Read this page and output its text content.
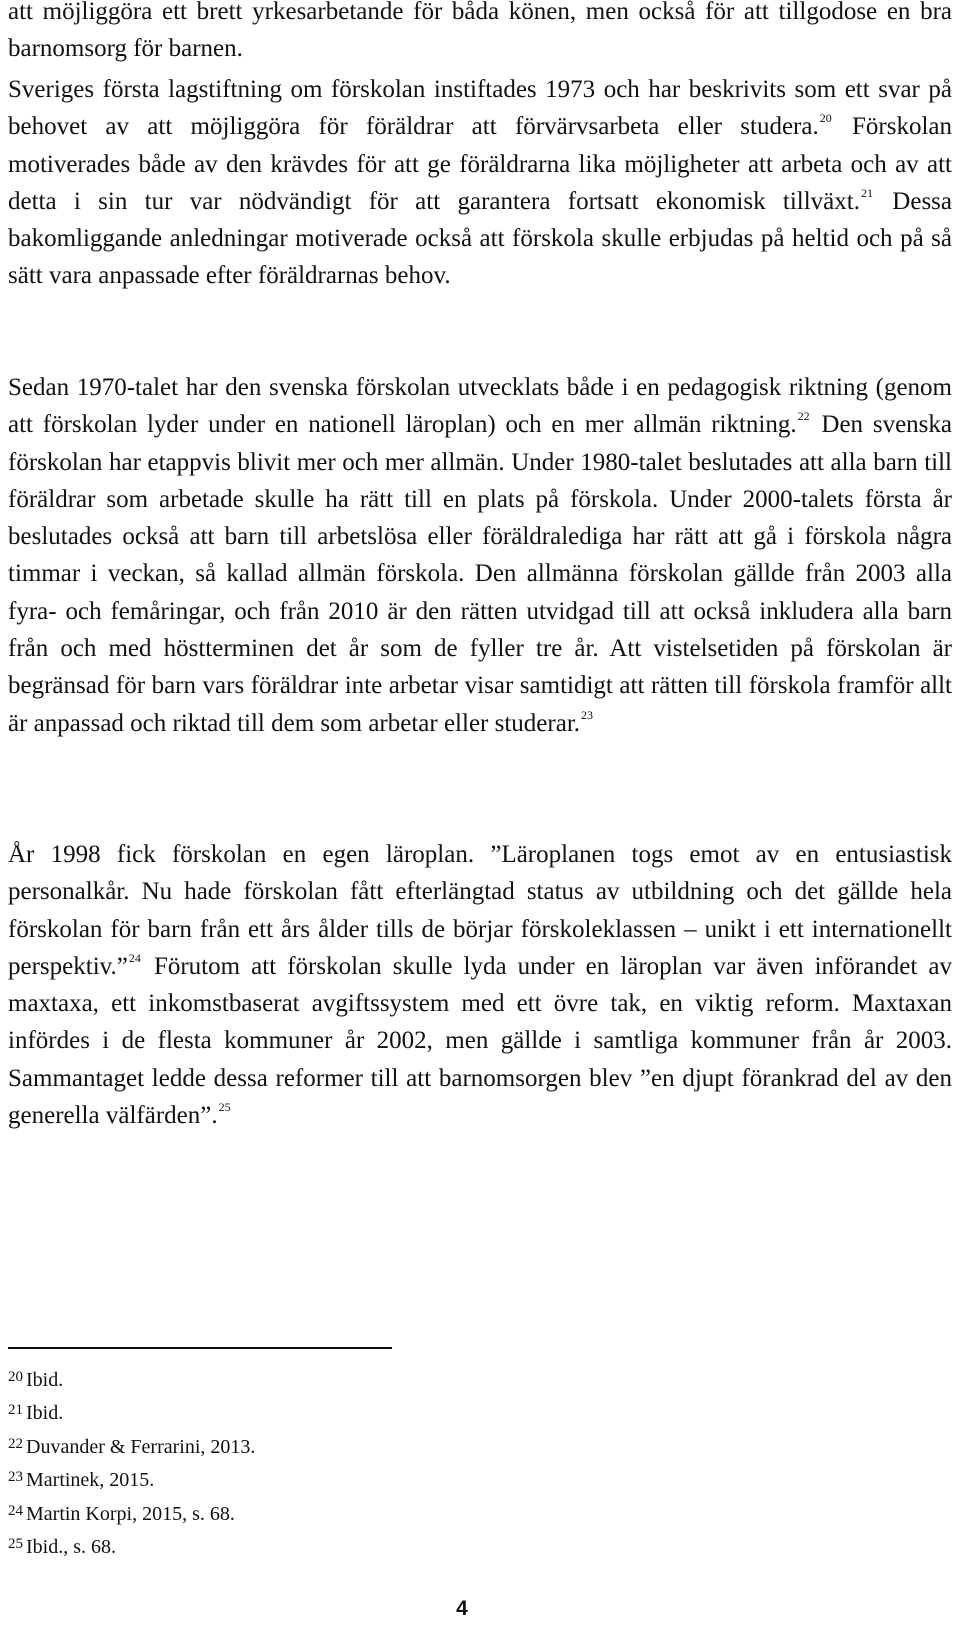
att möjliggöra ett brett yrkesarbetande för båda könen, men också för att tillgodose en bra barnomsorg för barnen.

Sveriges första lagstiftning om förskolan instiftades 1973 och har beskrivits som ett svar på behovet av att möjliggöra för föräldrar att förvärvsarbeta eller studera.$^{20}$ Förskolan motiverades både av den krävdes för att ge föräldrarna lika möjligheter att arbeta och av att detta i sin tur var nödvändigt för att garantera fortsatt ekonomisk tillväxt.$^{21}$ Dessa bakomliggande anledningar motiverade också att förskola skulle erbjudas på heltid och på så sätt vara anpassade efter föräldrarnas behov.

Sedan 1970-talet har den svenska förskolan utvecklats både i en pedagogisk riktning (genom att förskolan lyder under en nationell läroplan) och en mer allmän riktning.$^{22}$ Den svenska förskolan har etappvis blivit mer och mer allmän. Under 1980-talet beslutades att alla barn till föräldrar som arbetade skulle ha rätt till en plats på förskola. Under 2000-talets första år beslutades också att barn till arbetslösa eller föräldralediga har rätt att gå i förskola några timmar i veckan, så kallad allmän förskola. Den allmänna förskolan gällde från 2003 alla fyra- och femåringar, och från 2010 är den rätten utvidgad till att också inkludera alla barn från och med höstterminen det år som de fyller tre år. Att vistelsetiden på förskolan är begränsad för barn vars föräldrar inte arbetar visar samtidigt att rätten till förskola framför allt är anpassad och riktad till dem som arbetar eller studerar.$^{23}$

År 1998 fick förskolan en egen läroplan. ”Läroplanen togs emot av en entusiastisk personalkår. Nu hade förskolan fått efterlängtad status av utbildning och det gällde hela förskolan för barn från ett års ålder tills de börjar förskoleklassen – unikt i ett internationellt perspektiv.”$^{24}$ Förutom att förskolan skulle lyda under en läroplan var även införandet av maxtaxa, ett inkomstbaserat avgiftssystem med ett övre tak, en viktig reform. Maxtaxan infördes i de flesta kommuner år 2002, men gällde i samtliga kommuner från år 2003. Sammantaget ledde dessa reformer till att barnomsorgen blev ”en djupt förankrad del av den generella välfärden”.$^{25}$

$^{20}$ Ibid.
$^{21}$ Ibid.
$^{22}$ Duvander & Ferrarini, 2013.
$^{23}$ Martinek, 2015.
$^{24}$ Martin Korpi, 2015, s. 68.
$^{25}$ Ibid., s. 68.
4
